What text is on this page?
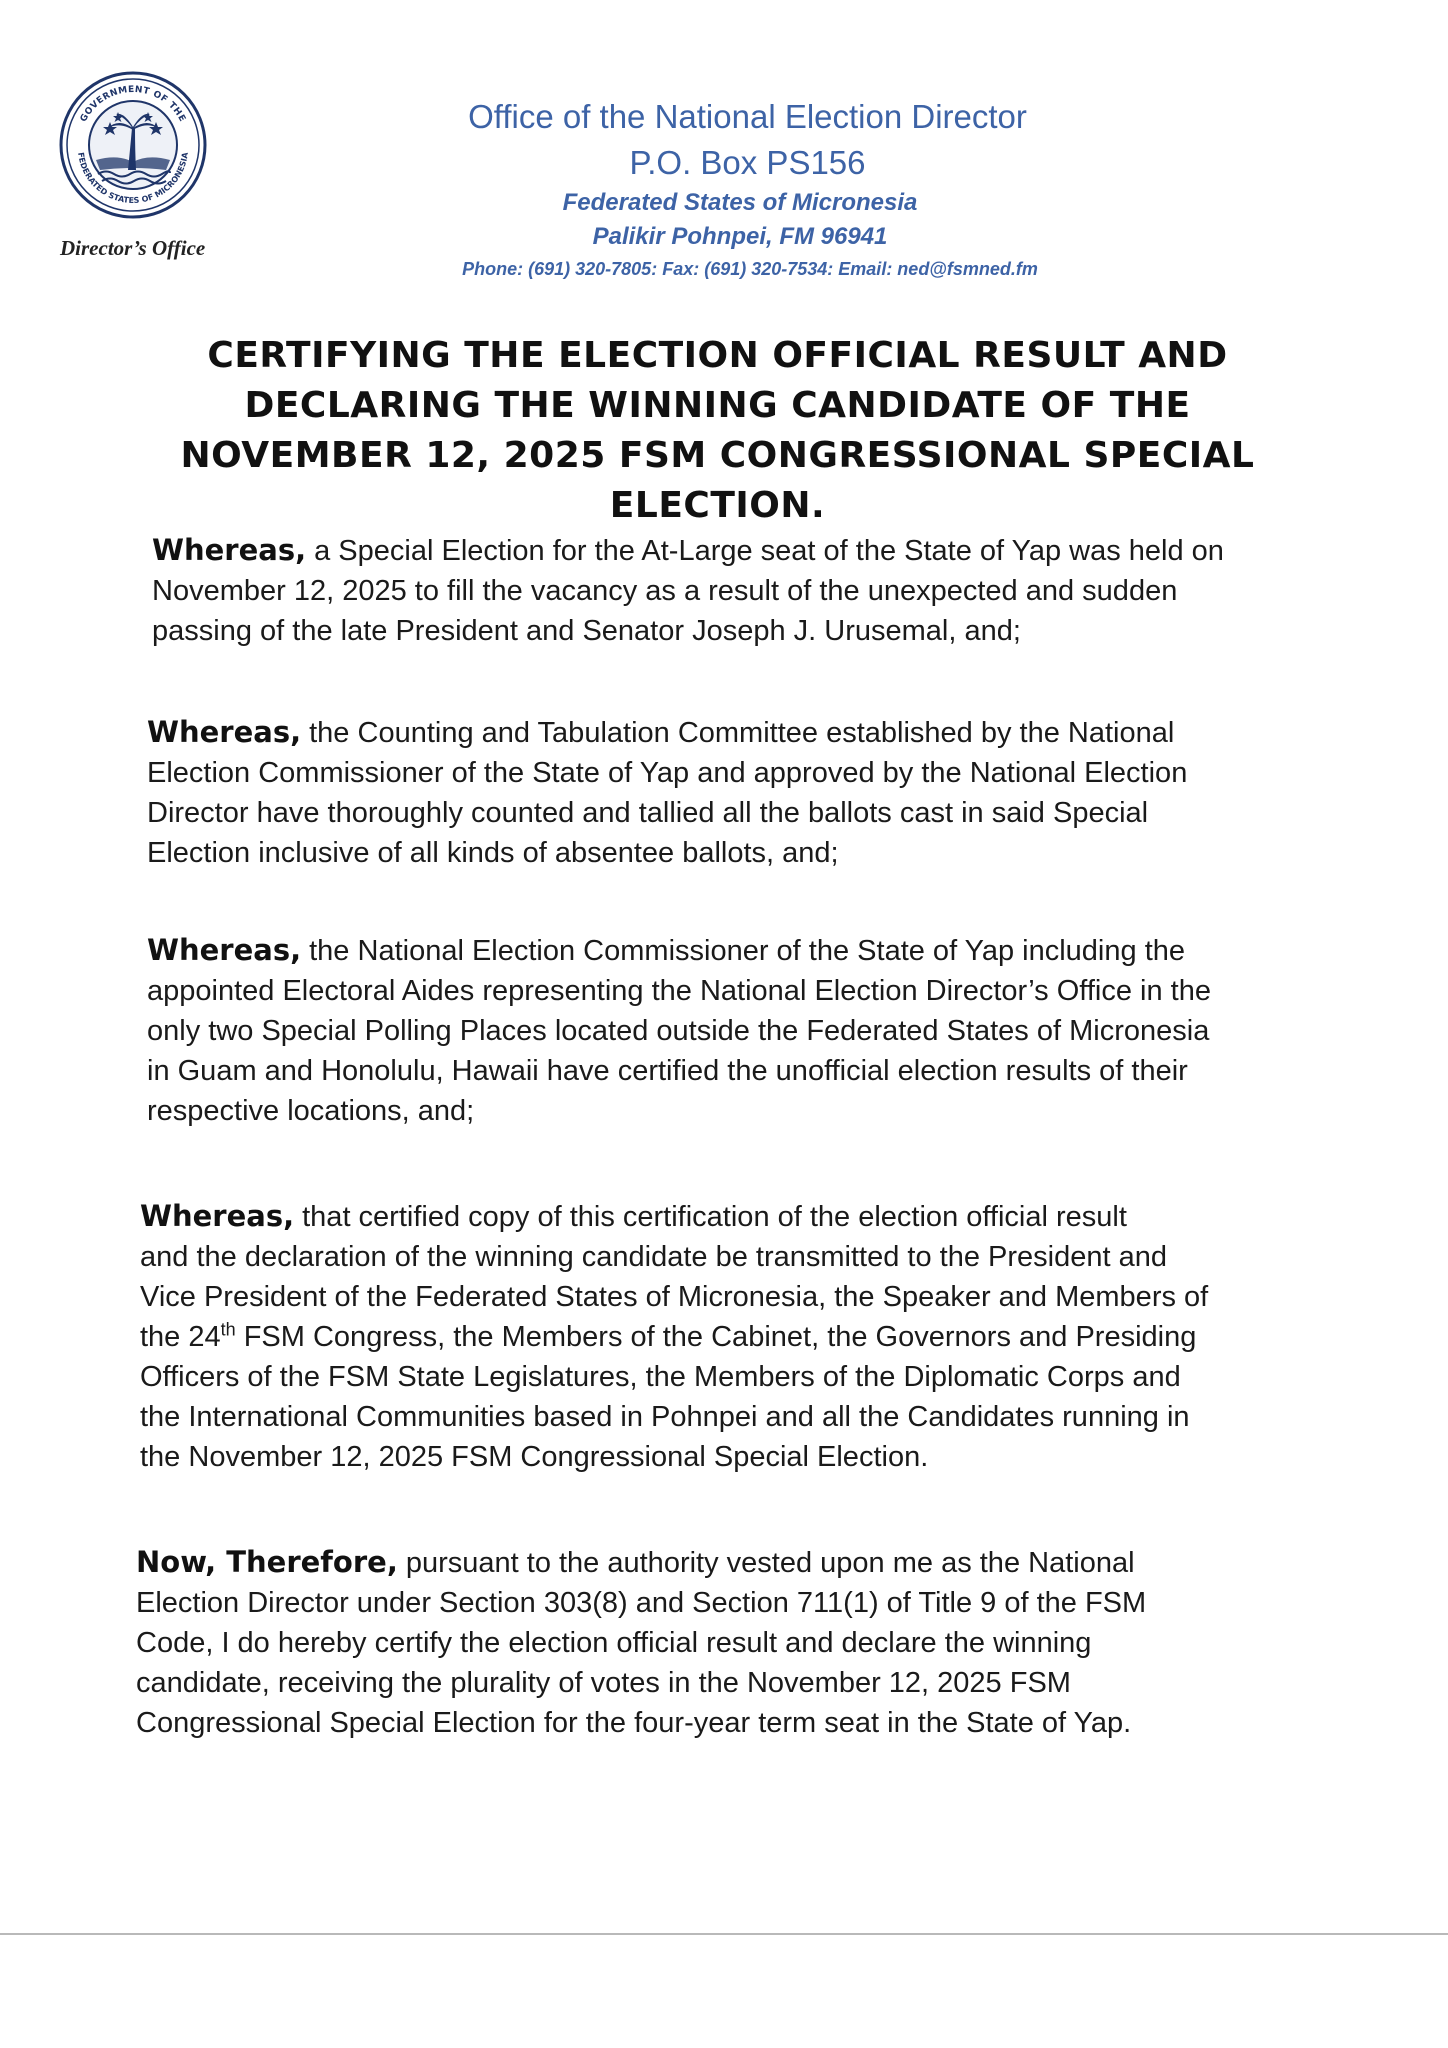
GOVERNMENT OF THE
FEDERATED STATES OF MICRONESIA
Director’s Office
Office of the National Election Director
P.O. Box PS156
Federated States of Micronesia
Palikir Pohnpei, FM 96941
Phone: (691) 320-7805: Fax: (691) 320-7534: Email: ned@fsmned.fm
CERTIFYING THE ELECTION OFFICIAL RESULT AND
DECLARING THE WINNING CANDIDATE OF THE
NOVEMBER 12, 2025 FSM CONGRESSIONAL SPECIAL
ELECTION.
Whereas, a Special Election for the At-Large seat of the State of Yap was held on
November 12, 2025 to fill the vacancy as a result of the unexpected and sudden
passing of the late President and Senator Joseph J. Urusemal, and;
Whereas, the Counting and Tabulation Committee established by the National
Election Commissioner of the State of Yap and approved by the National Election
Director have thoroughly counted and tallied all the ballots cast in said Special
Election inclusive of all kinds of absentee ballots, and;
Whereas, the National Election Commissioner of the State of Yap including the
appointed Electoral Aides representing the National Election Director’s Office in the
only two Special Polling Places located outside the Federated States of Micronesia
in Guam and Honolulu, Hawaii have certified the unofficial election results of their
respective locations, and;
Whereas, that certified copy of this certification of the election official result
and the declaration of the winning candidate be transmitted to the President and
Vice President of the Federated States of Micronesia, the Speaker and Members of
the 24th FSM Congress, the Members of the Cabinet, the Governors and Presiding
Officers of the FSM State Legislatures, the Members of the Diplomatic Corps and
the International Communities based in Pohnpei and all the Candidates running in
the November 12, 2025 FSM Congressional Special Election.
Now, Therefore, pursuant to the authority vested upon me as the National
Election Director under Section 303(8) and Section 711(1) of Title 9 of the FSM
Code, I do hereby certify the election official result and declare the winning
candidate, receiving the plurality of votes in the November 12, 2025 FSM
Congressional Special Election for the four-year term seat in the State of Yap.
